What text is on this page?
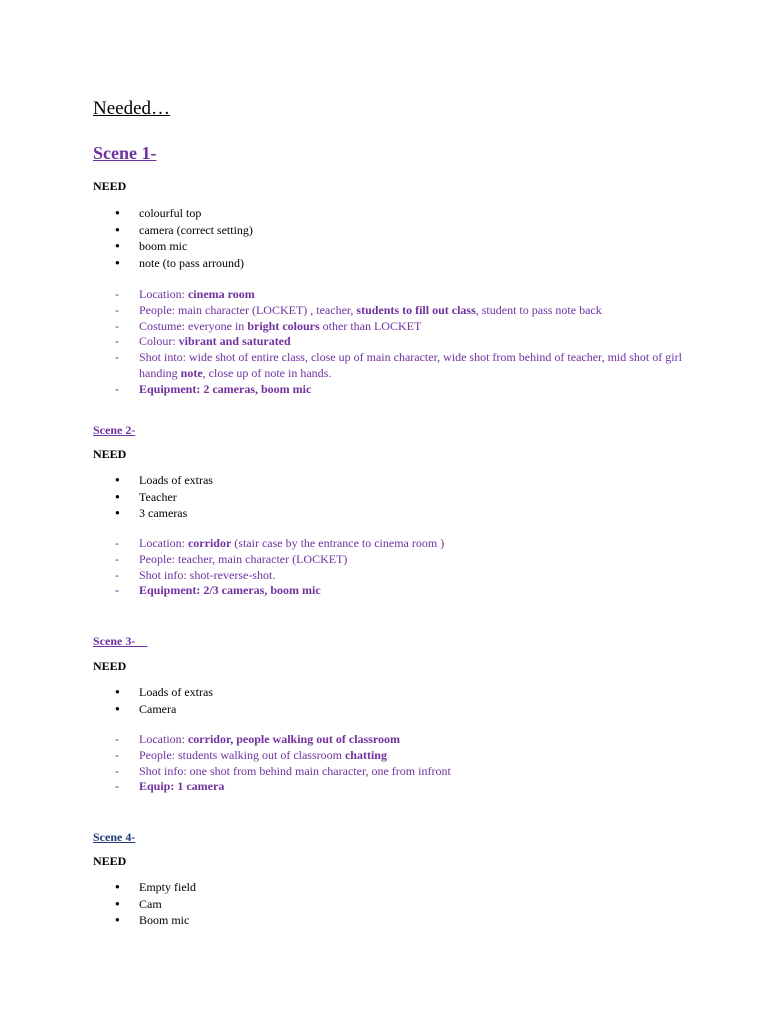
Needed…
Scene 1-

NEED

● colourful top
● camera (correct setting)
● boom mic
● note (to pass arround)
- Location: cinema room
- People: main character (LOCKET) , teacher, students to fill out class, student to pass note back
- Costume: everyone in bright colours other than LOCKET
- Colour: vibrant and saturated
- Shot into: wide shot of entire class, close up of main character, wide shot from behind of teacher, mid shot of girl handing note, close up of note in hands.
- Equipment: 2 cameras, boom mic
Scene 2-

NEED

● Loads of extras
● Teacher
● 3 cameras
- Location: corridor (stair case by the entrance to cinema room )
- People: teacher, main character (LOCKET)
- Shot info: shot-reverse-shot.
- Equipment: 2/3 cameras, boom mic
Scene 3-

NEED

● Loads of extras
● Camera
- Location: corridor, people walking out of classroom
- People: students walking out of classroom chatting
- Shot info: one shot from behind main character, one from infront
- Equip: 1 camera
Scene 4-

NEED

● Empty field
● Cam
● Boom mic
